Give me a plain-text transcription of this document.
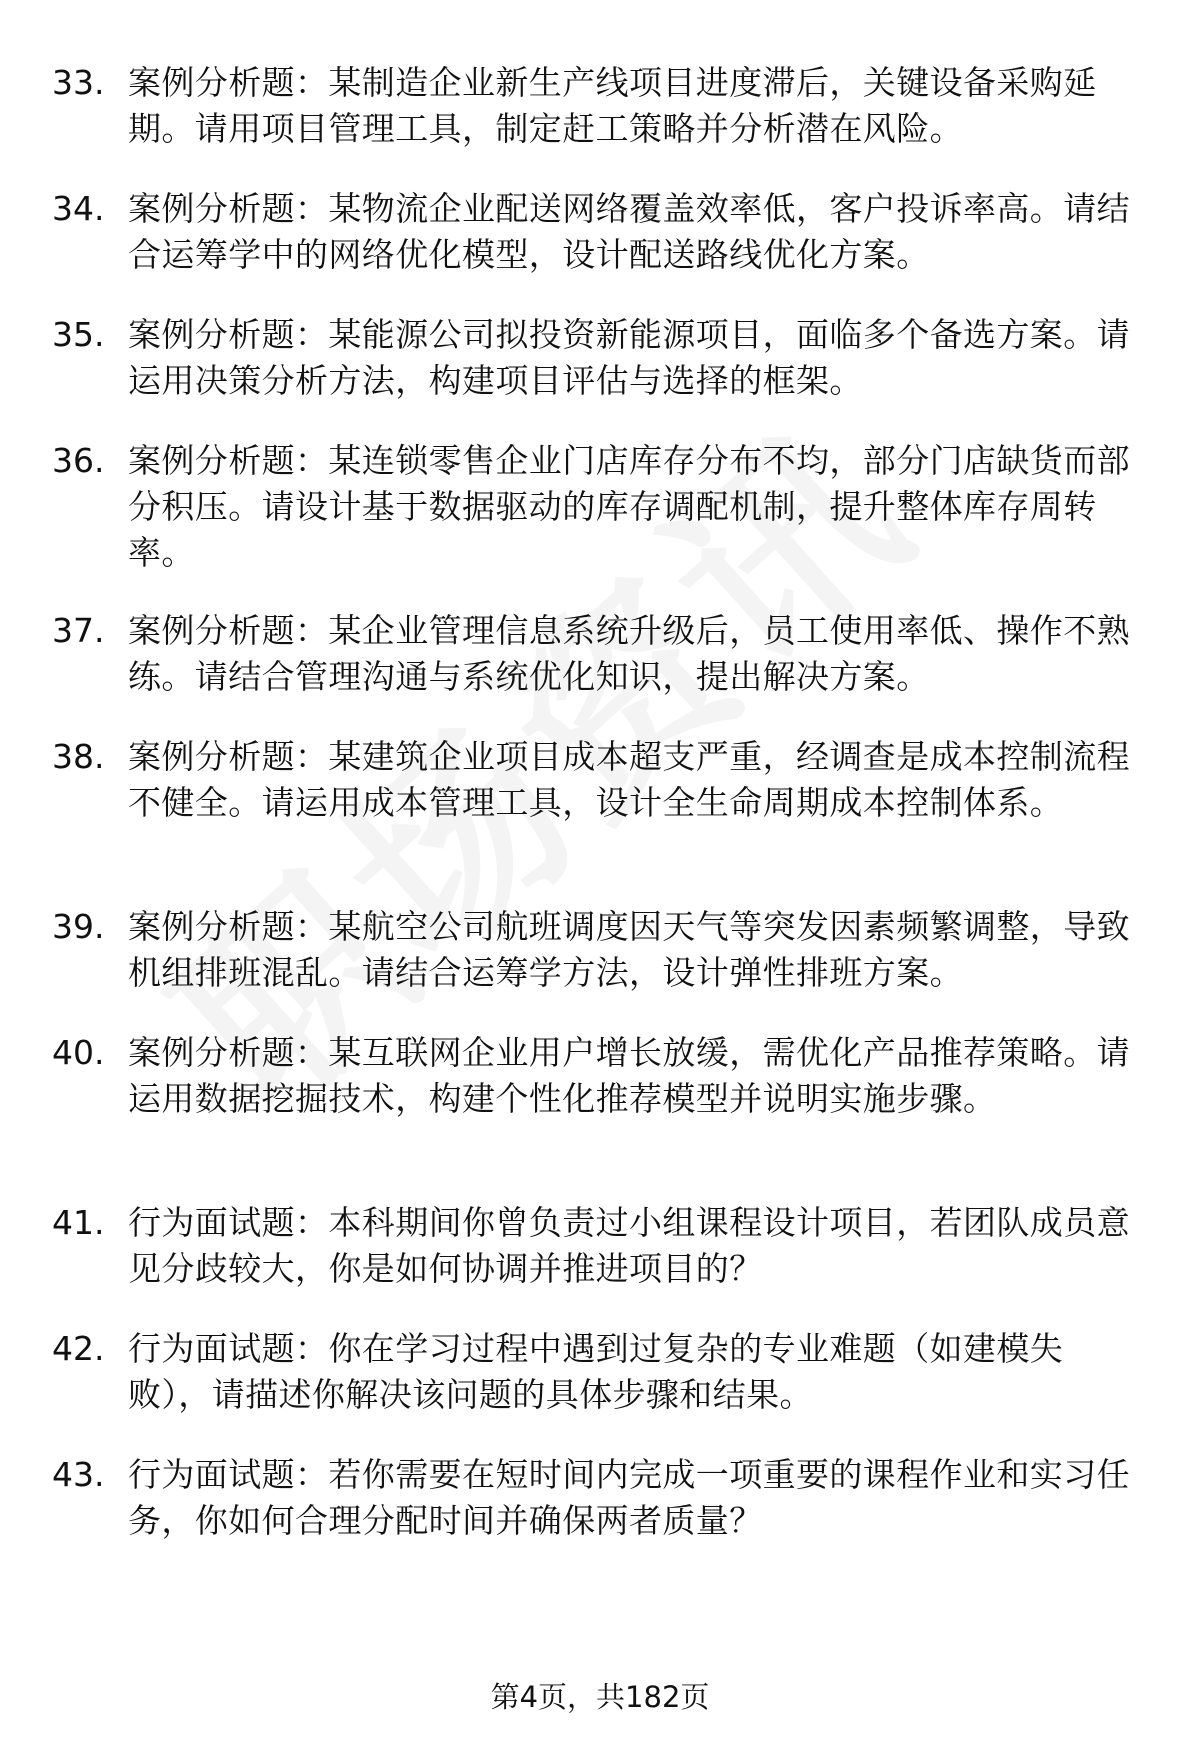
33. 案例分析题：某制造企业新生产线项目进度滞后，关键设备采购延期。请用项目管理工具，制定赶工策略并分析潜在风险。
34. 案例分析题：某物流企业配送网络覆盖效率低，客户投诉率高。请结合运筹学中的网络优化模型，设计配送路线优化方案。
35. 案例分析题：某能源公司拟投资新能源项目，面临多个备选方案。请运用决策分析方法，构建项目评估与选择的框架。
36. 案例分析题：某连锁零售企业门店库存分布不均，部分门店缺货而部分积压。请设计基于数据驱动的库存调配机制，提升整体库存周转率。
37. 案例分析题：某企业管理信息系统升级后，员工使用率低、操作不熟练。请结合管理沟通与系统优化知识，提出解决方案。
38. 案例分析题：某建筑企业项目成本超支严重，经调查是成本控制流程不健全。请运用成本管理工具，设计全生命周期成本控制体系。
39. 案例分析题：某航空公司航班调度因天气等突发因素频繁调整，导致机组排班混乱。请结合运筹学方法，设计弹性排班方案。
40. 案例分析题：某互联网企业用户增长放缓，需优化产品推荐策略。请运用数据挖掘技术，构建个性化推荐模型并说明实施步骤。
41. 行为面试题：本科期间你曾负责过小组课程设计项目，若团队成员意见分歧较大，你是如何协调并推进项目的？
42. 行为面试题：你在学习过程中遇到过复杂的专业难题（如建模失败），请描述你解决该问题的具体步骤和结果。
43. 行为面试题：若你需要在短时间内完成一项重要的课程作业和实习任务，你如何合理分配时间并确保两者质量？
第4页，共182页
